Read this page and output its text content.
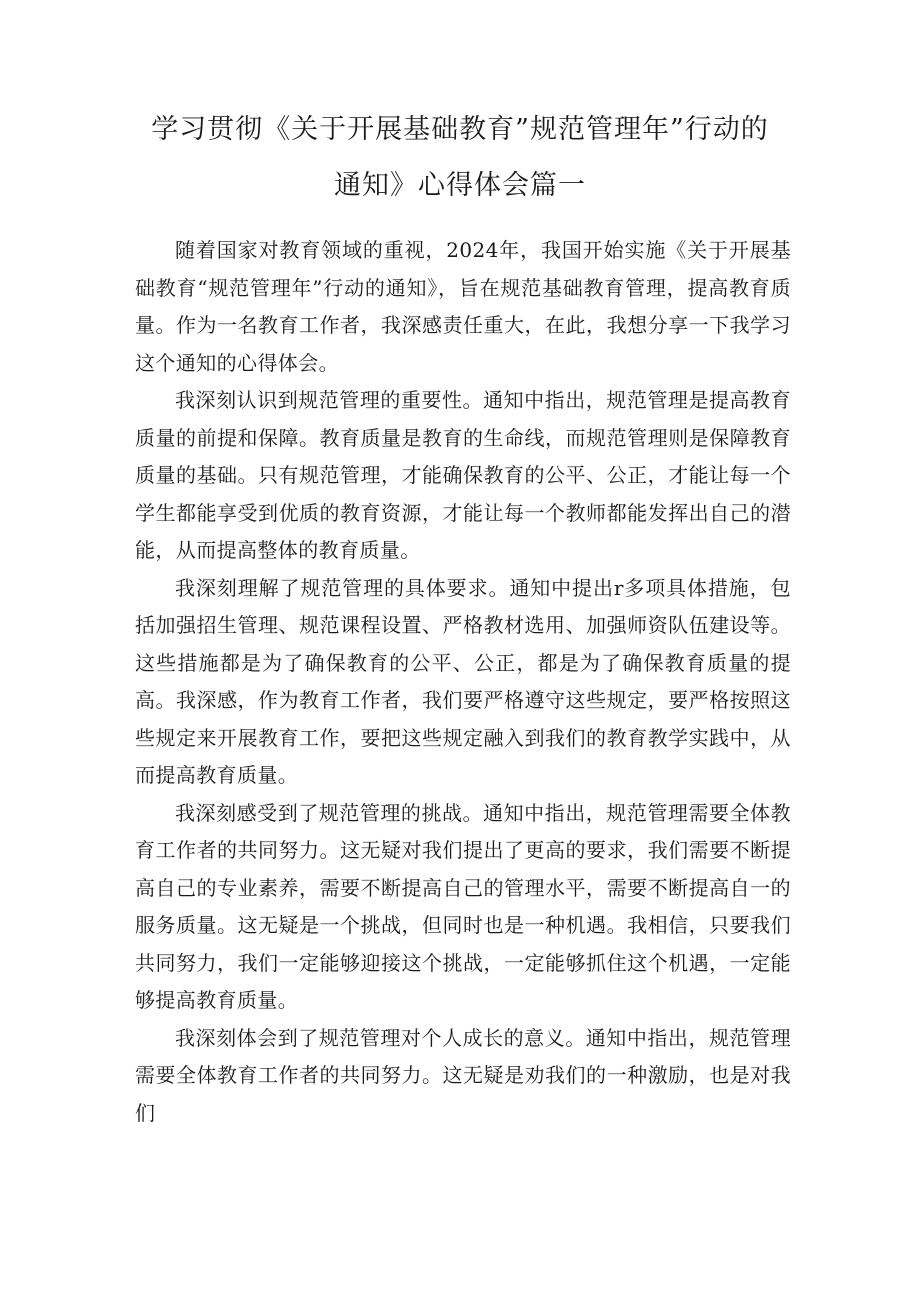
学习贯彻《关于开展基础教育”规范管理年”行动的
通知》心得体会篇一

随着国家对教育领域的重视，2024年，我国开始实施《关于开展基础教育“规范管理年”行动的通知》，旨在规范基础教育管理，提高教育质量。作为一名教育工作者，我深感责任重大，在此，我想分享一下我学习这个通知的心得体会。

我深刻认识到规范管理的重要性。通知中指出，规范管理是提高教育质量的前提和保障。教育质量是教育的生命线，而规范管理则是保障教育质量的基础。只有规范管理，才能确保教育的公平、公正，才能让每一个学生都能享受到优质的教育资源，才能让每一个教师都能发挥出自己的潜能，从而提高整体的教育质量。

我深刻理解了规范管理的具体要求。通知中提出r多项具体措施，包括加强招生管理、规范课程设置、严格教材选用、加强师资队伍建设等。这些措施都是为了确保教育的公平、公正，都是为了确保教育质量的提高。我深感，作为教育工作者，我们要严格遵守这些规定，要严格按照这些规定来开展教育工作，要把这些规定融入到我们的教育教学实践中，从而提高教育质量。

我深刻感受到了规范管理的挑战。通知中指出，规范管理需要全体教育工作者的共同努力。这无疑对我们提出了更高的要求，我们需要不断提高自己的专业素养，需要不断提高自己的管理水平，需要不断提高自一的服务质量。这无疑是一个挑战，但同时也是一种机遇。我相信，只要我们共同努力，我们一定能够迎接这个挑战，一定能够抓住这个机遇，一定能够提高教育质量。

我深刻体会到了规范管理对个人成长的意义。通知中指出，规范管理需要全体教育工作者的共同努力。这无疑是劝我们的一种激励，也是对我们
